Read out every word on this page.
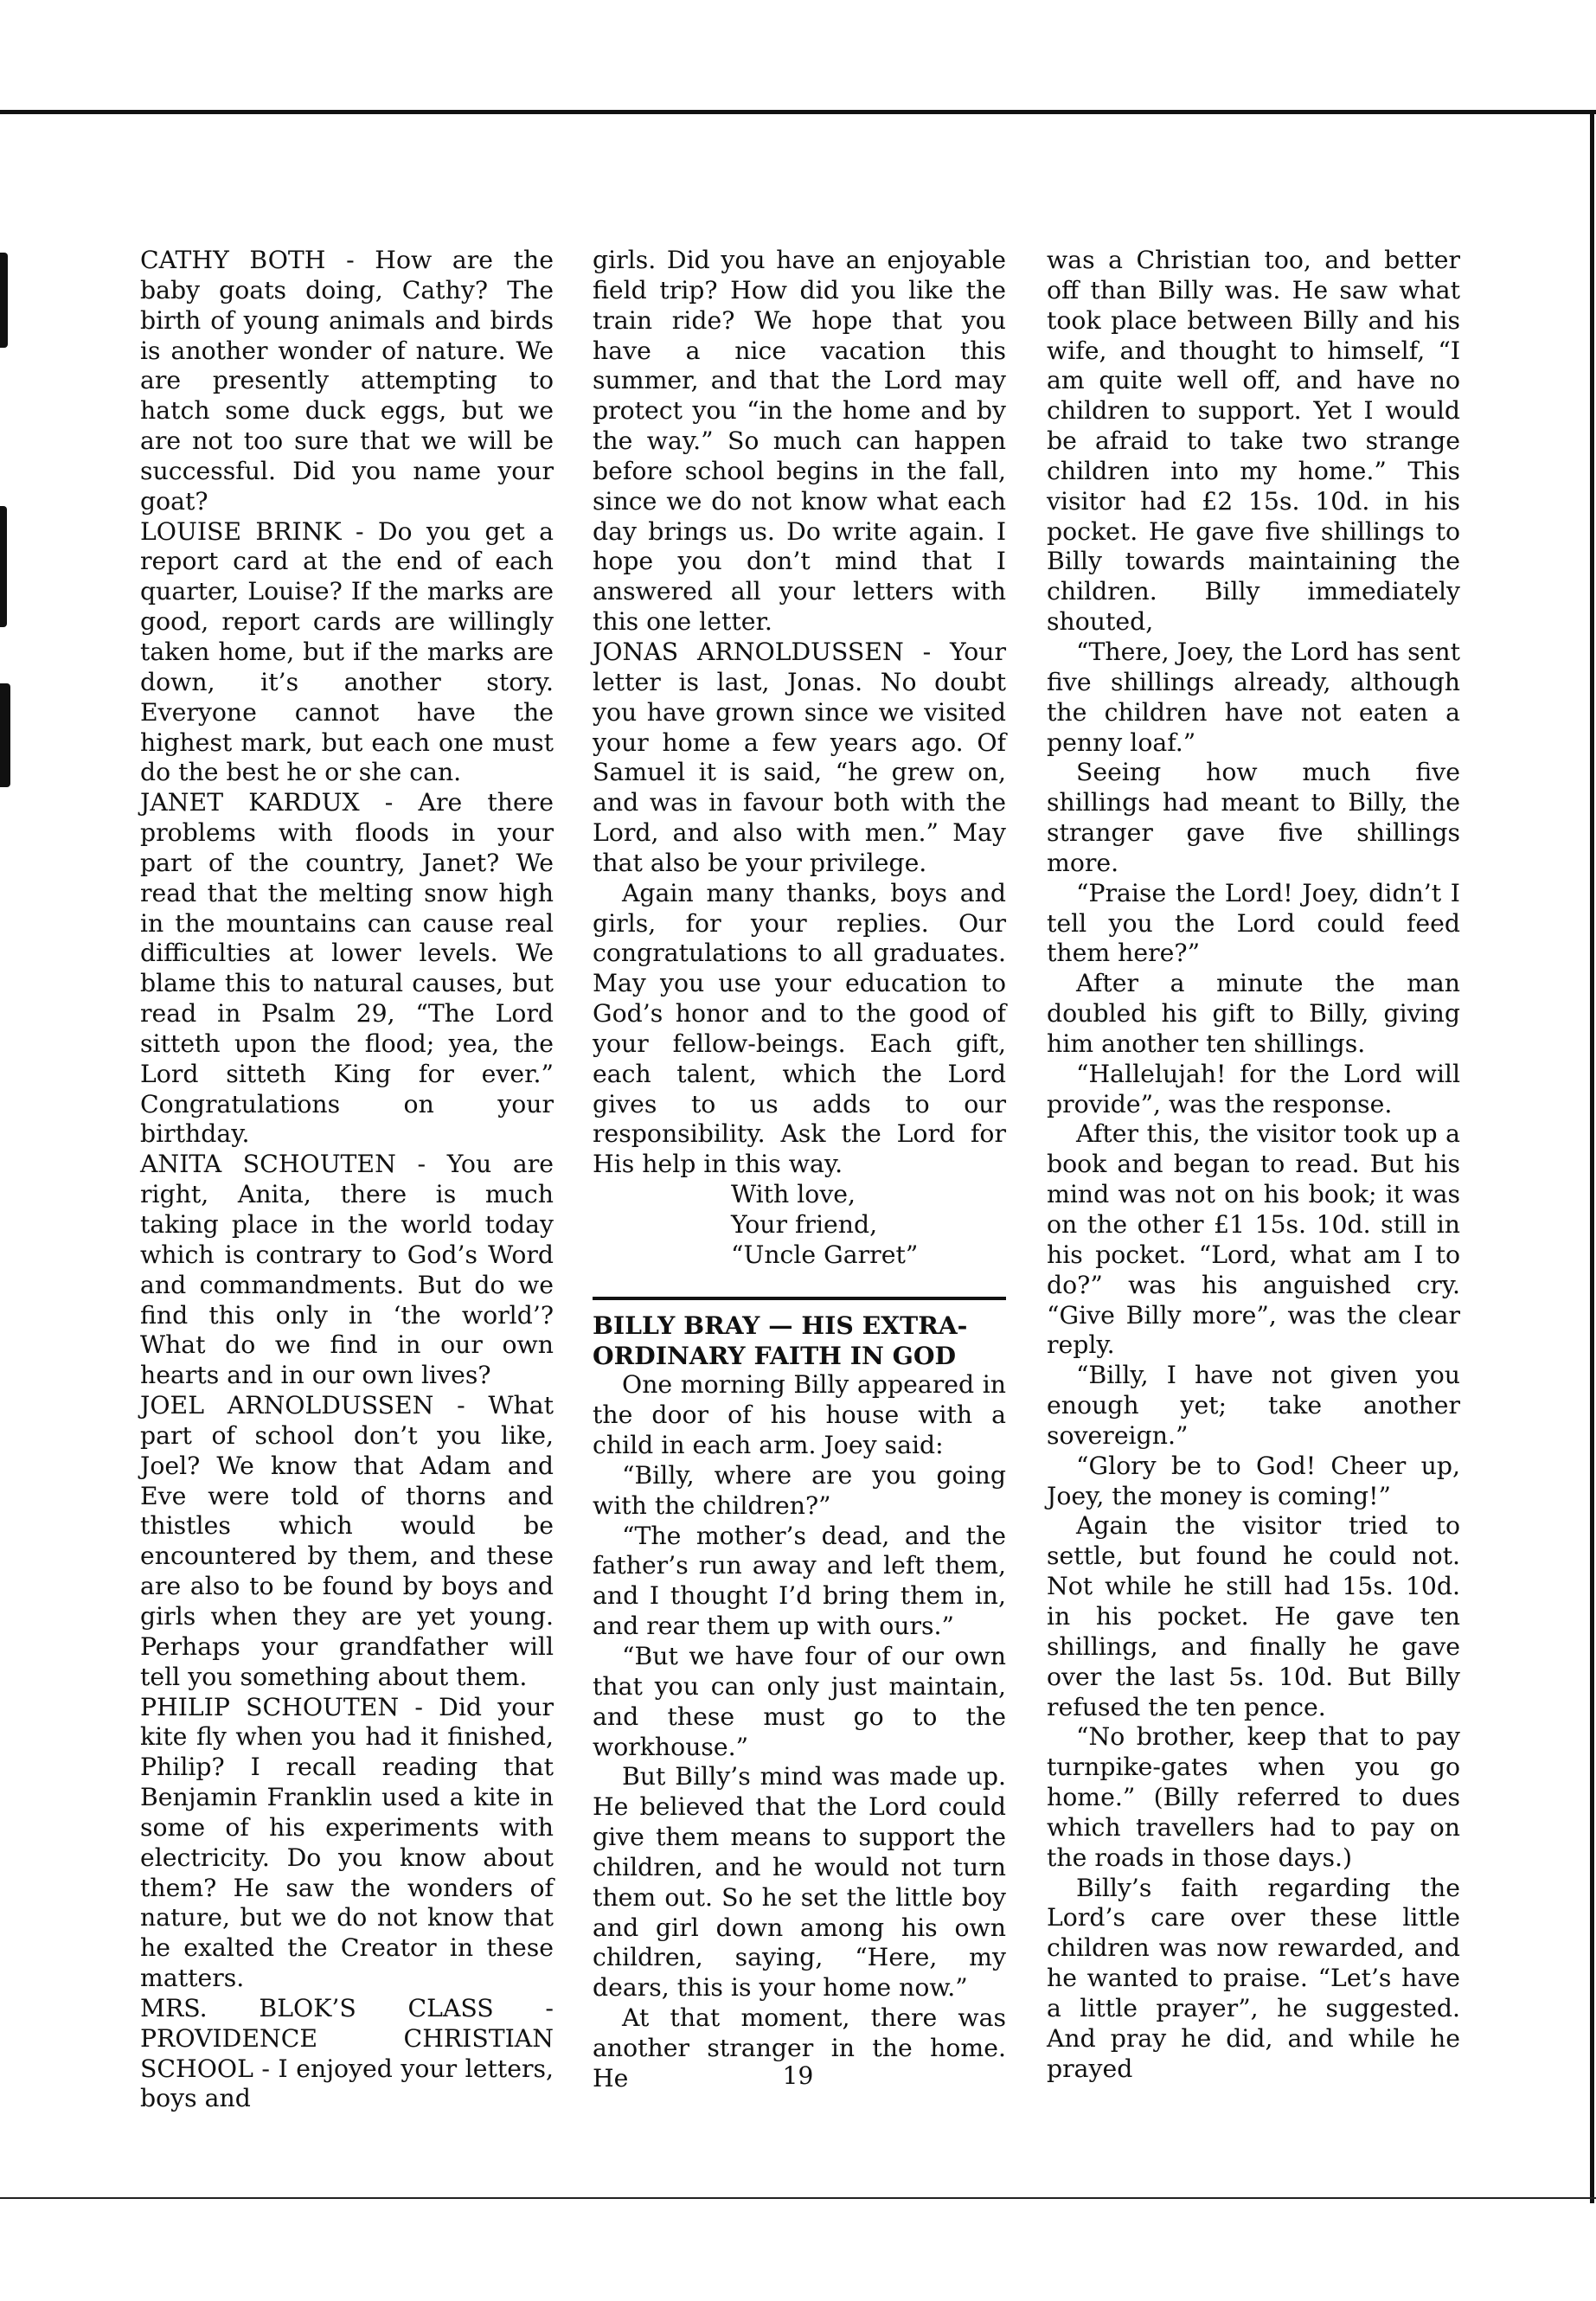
CATHY BOTH - How are the baby goats doing, Cathy? The birth of young animals and birds is another wonder of nature. We are presently attempting to hatch some duck eggs, but we are not too sure that we will be successful. Did you name your goat?

LOUISE BRINK - Do you get a report card at the end of each quarter, Louise? If the marks are good, report cards are willingly taken home, but if the marks are down, it’s another story. Everyone cannot have the highest mark, but each one must do the best he or she can.

JANET KARDUX - Are there problems with floods in your part of the country, Janet? We read that the melting snow high in the mountains can cause real difficulties at lower levels. We blame this to natural causes, but read in Psalm 29, “The Lord sitteth upon the flood; yea, the Lord sitteth King for ever.” Congratulations on your birthday.

ANITA SCHOUTEN - You are right, Anita, there is much taking place in the world today which is contrary to God’s Word and commandments. But do we find this only in ‘the world’? What do we find in our own hearts and in our own lives?

JOEL ARNOLDUSSEN - What part of school don’t you like, Joel? We know that Adam and Eve were told of thorns and thistles which would be encountered by them, and these are also to be found by boys and girls when they are yet young. Perhaps your grandfather will tell you something about them.

PHILIP SCHOUTEN - Did your kite fly when you had it finished, Philip? I recall reading that Benjamin Franklin used a kite in some of his experiments with electricity. Do you know about them? He saw the wonders of nature, but we do not know that he exalted the Creator in these matters.

MRS. BLOK’S CLASS - PROVIDENCE CHRISTIAN SCHOOL - I enjoyed your letters, boys and

girls. Did you have an enjoyable field trip? How did you like the train ride? We hope that you have a nice vacation this summer, and that the Lord may protect you “in the home and by the way.” So much can happen before school begins in the fall, since we do not know what each day brings us. Do write again. I hope you don’t mind that I answered all your letters with this one letter.

JONAS ARNOLDUSSEN - Your letter is last, Jonas. No doubt you have grown since we visited your home a few years ago. Of Samuel it is said, “he grew on, and was in favour both with the Lord, and also with men.” May that also be your privilege.

Again many thanks, boys and girls, for your replies. Our congratulations to all graduates. May you use your education to God’s honor and to the good of your fellow-beings. Each gift, each talent, which the Lord gives to us adds to our responsibility. Ask the Lord for His help in this way.

With love,

Your friend,

“Uncle Garret”

BILLY BRAY — HIS EXTRA-

ORDINARY FAITH IN GOD

One morning Billy appeared in the door of his house with a child in each arm. Joey said:

“Billy, where are you going with the children?”

“The mother’s dead, and the father’s run away and left them, and I thought I’d bring them in, and rear them up with ours.”

“But we have four of our own that you can only just maintain, and these must go to the workhouse.”

But Billy’s mind was made up. He believed that the Lord could give them means to support the children, and he would not turn them out. So he set the little boy and girl down among his own children, saying, “Here, my dears, this is your home now.”

At that moment, there was another stranger in the home. He

was a Christian too, and better off than Billy was. He saw what took place between Billy and his wife, and thought to himself, “I am quite well off, and have no children to support. Yet I would be afraid to take two strange children into my home.” This visitor had £2 15s. 10d. in his pocket. He gave five shillings to Billy towards maintaining the children. Billy immediately shouted,

“There, Joey, the Lord has sent five shillings already, although the children have not eaten a penny loaf.”

Seeing how much five shillings had meant to Billy, the stranger gave five shillings more.

“Praise the Lord! Joey, didn’t I tell you the Lord could feed them here?”

After a minute the man doubled his gift to Billy, giving him another ten shillings.

“Hallelujah! for the Lord will provide”, was the response.

After this, the visitor took up a book and began to read. But his mind was not on his book; it was on the other £1 15s. 10d. still in his pocket. “Lord, what am I to do?” was his anguished cry. “Give Billy more”, was the clear reply.

“Billy, I have not given you enough yet; take another sovereign.”

“Glory be to God! Cheer up, Joey, the money is coming!”

Again the visitor tried to settle, but found he could not. Not while he still had 15s. 10d. in his pocket. He gave ten shillings, and finally he gave over the last 5s. 10d. But Billy refused the ten pence.

“No brother, keep that to pay turnpike-gates when you go home.” (Billy referred to dues which travellers had to pay on the roads in those days.)

Billy’s faith regarding the Lord’s care over these little children was now rewarded, and he wanted to praise. “Let’s have a little prayer”, he suggested. And pray he did, and while he prayed

19
